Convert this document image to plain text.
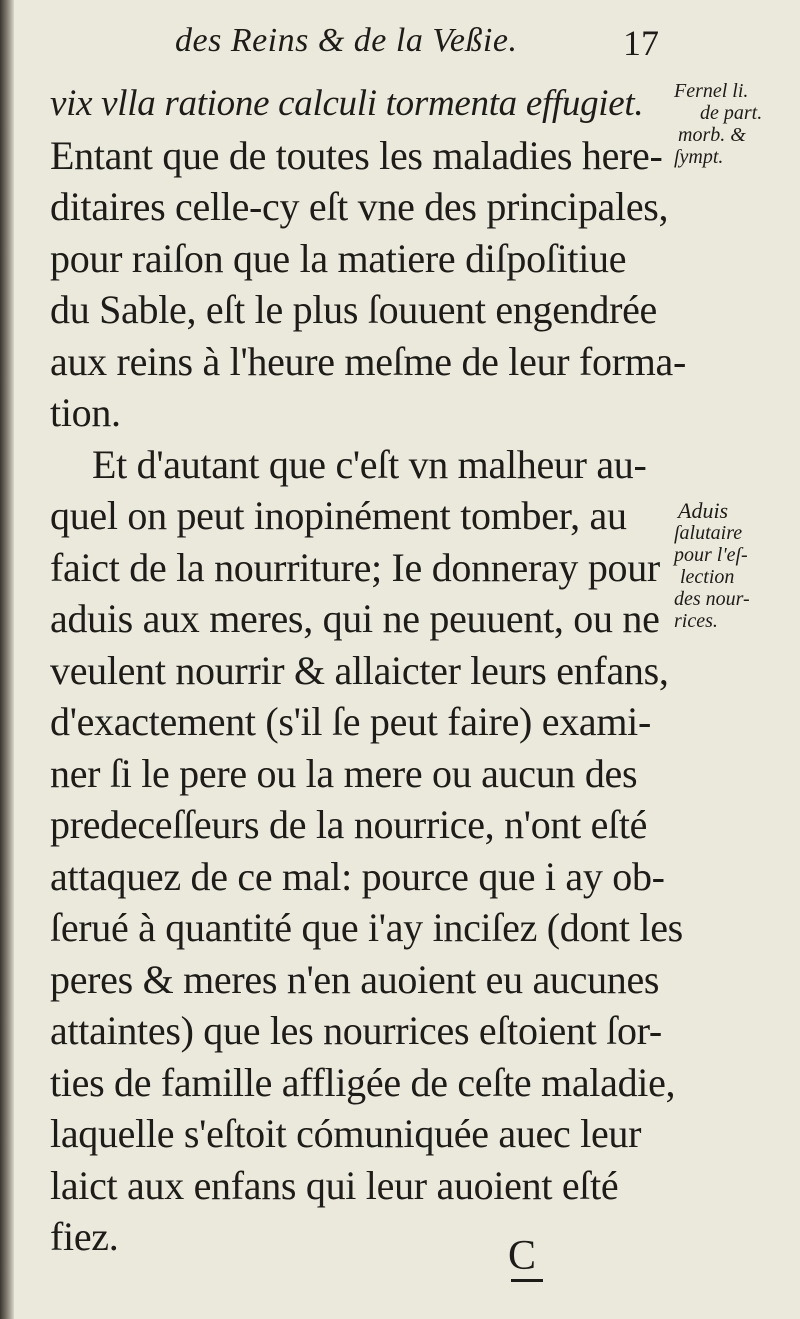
des Reins & de la Veßie.	17
vix vlla ratione calculi tormenta effugiet.
Entant que de toutes les maladies here-
ditaires celle-cy eſt vne des principales,
pour raiſon que la matiere diſpoſitiue
du Sable, eſt le plus ſouuent engendrée
aux reins à l'heure meſme de leur forma-
tion.
Et d'autant que c'eſt vn malheur au-
quel on peut inopinément tomber, au
faict de la nourriture; Ie donneray pour
aduis aux meres, qui ne peuuent, ou ne
veulent nourrir & allaicter leurs enfans,
d'exactement (s'il ſe peut faire) exami-
ner ſi le pere ou la mere ou aucun des
predeceſſeurs de la nourrice, n'ont eſté
attaquez de ce mal: pource que i ay ob-
ſerué à quantité que i'ay inciſez (dont les
peres & meres n'en auoient eu aucunes
attaintes) que les nourrices eſtoient ſor-
ties de famille affligée de ceſte maladie,
laquelle s'eſtoit cómuniquée auec leur
laict aux enfans qui leur auoient eſté
fiez.
Fernel li.
de part.
morb. &
ſympt.
Aduis
ſalutaire
pour l'eſ-
lection
des nour-
rices.
C
